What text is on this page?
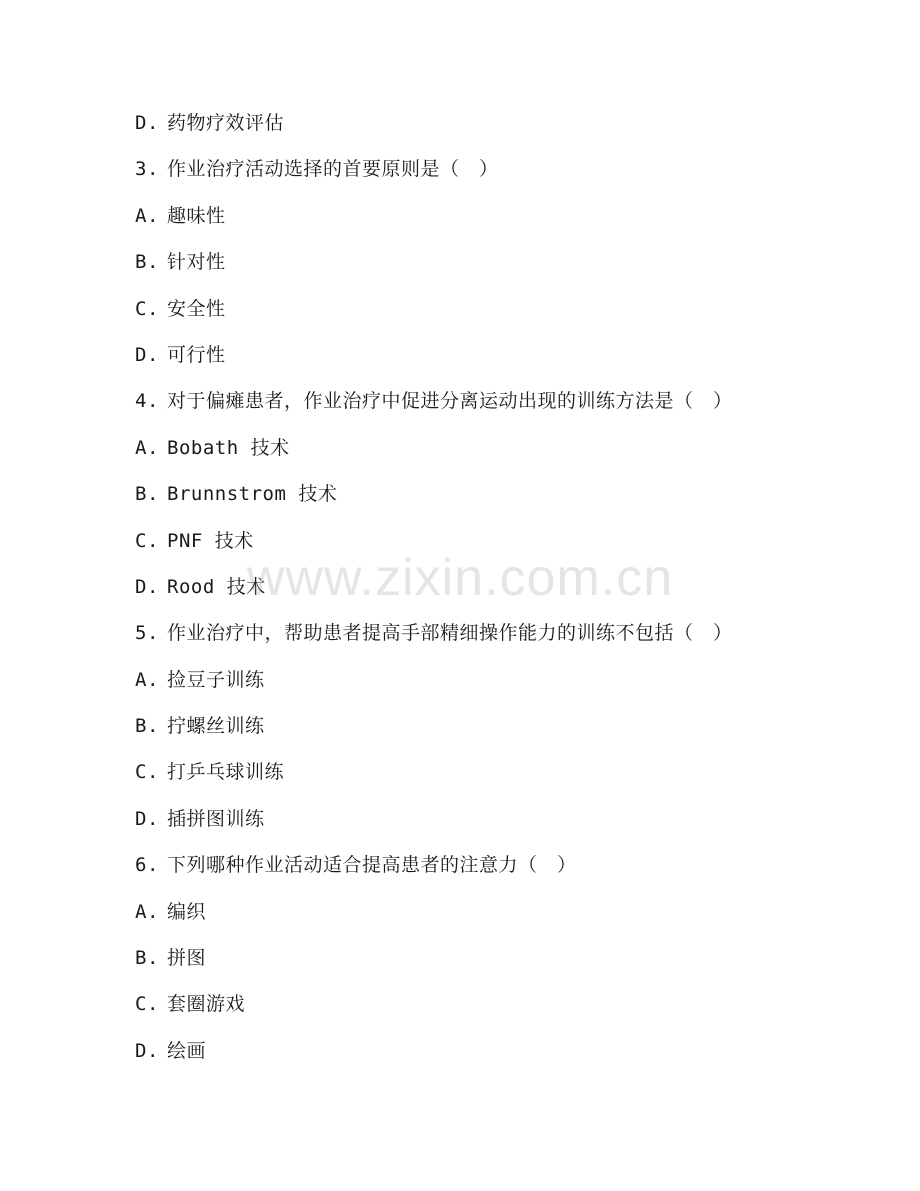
D. 药物疗效评估
3. 作业治疗活动选择的首要原则是（　）
A. 趣味性
B. 针对性
C. 安全性
D. 可行性
4. 对于偏瘫患者，作业治疗中促进分离运动出现的训练方法是（　）
A. Bobath 技术
B. Brunnstrom 技术
C. PNF 技术
D. Rood 技术
5. 作业治疗中，帮助患者提高手部精细操作能力的训练不包括（　）
A. 捡豆子训练
B. 拧螺丝训练
C. 打乒乓球训练
D. 插拼图训练
6. 下列哪种作业活动适合提高患者的注意力（　）
A. 编织
B. 拼图
C. 套圈游戏
D. 绘画
www.zixin.com.cn
